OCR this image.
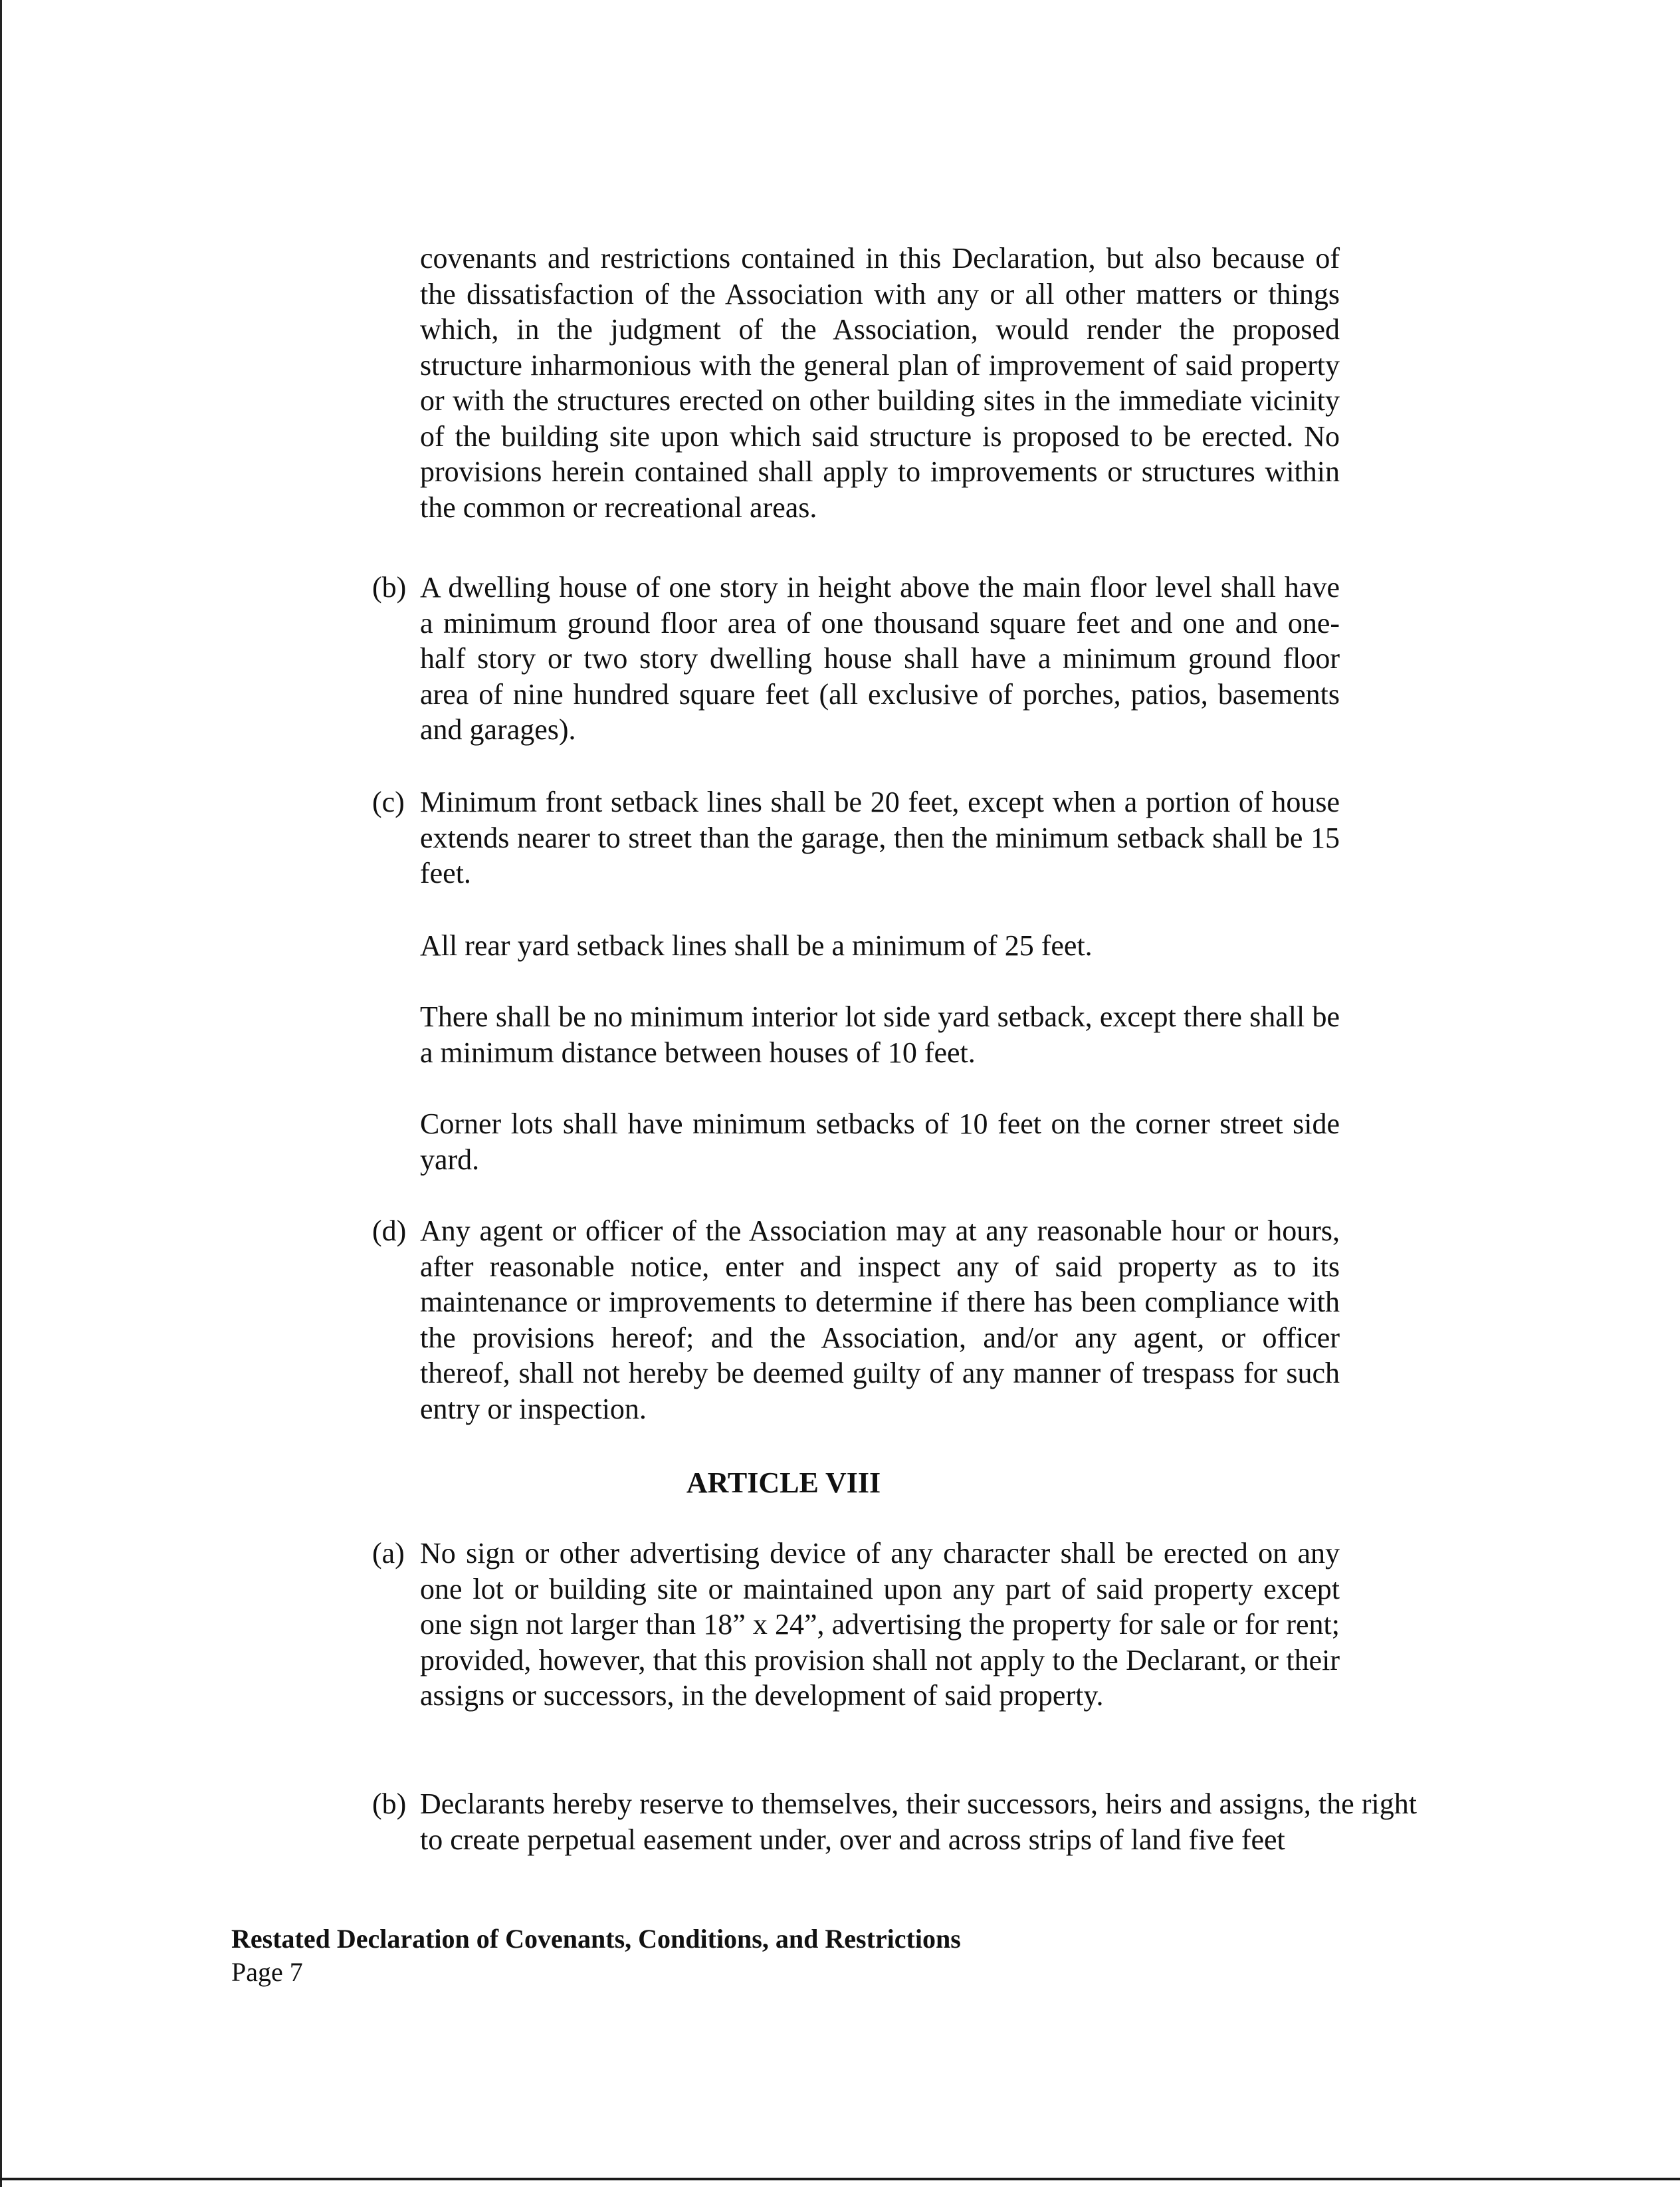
covenants and restrictions contained in this Declaration, but also because of the dissatisfaction of the Association with any or all other matters or things which, in the judgment of the Association, would render the proposed structure inharmonious with the general plan of improvement of said property or with the structures erected on other building sites in the immediate vicinity of the building site upon which said structure is proposed to be erected. No provisions herein contained shall apply to improvements or structures within the common or recreational areas.

(b) A dwelling house of one story in height above the main floor level shall have a minimum ground floor area of one thousand square feet and one and one-half story or two story dwelling house shall have a minimum ground floor area of nine hundred square feet (all exclusive of porches, patios, basements and garages).

(c) Minimum front setback lines shall be 20 feet, except when a portion of house extends nearer to street than the garage, then the minimum setback shall be 15 feet.

All rear yard setback lines shall be a minimum of 25 feet.

There shall be no minimum interior lot side yard setback, except there shall be a minimum distance between houses of 10 feet.

Corner lots shall have minimum setbacks of 10 feet on the corner street side yard.

(d) Any agent or officer of the Association may at any reasonable hour or hours, after reasonable notice, enter and inspect any of said property as to its maintenance or improvements to determine if there has been compliance with the provisions hereof; and the Association, and/or any agent, or officer thereof, shall not hereby be deemed guilty of any manner of trespass for such entry or inspection.

ARTICLE VIII

(a) No sign or other advertising device of any character shall be erected on any one lot or building site or maintained upon any part of said property except one sign not larger than 18” x 24”, advertising the property for sale or for rent; provided, however, that this provision shall not apply to the Declarant, or their assigns or successors, in the development of said property.

(b) Declarants hereby reserve to themselves, their successors, heirs and assigns, the right to create perpetual easement under, over and across strips of land five feet

Restated Declaration of Covenants, Conditions, and Restrictions

Page 7
